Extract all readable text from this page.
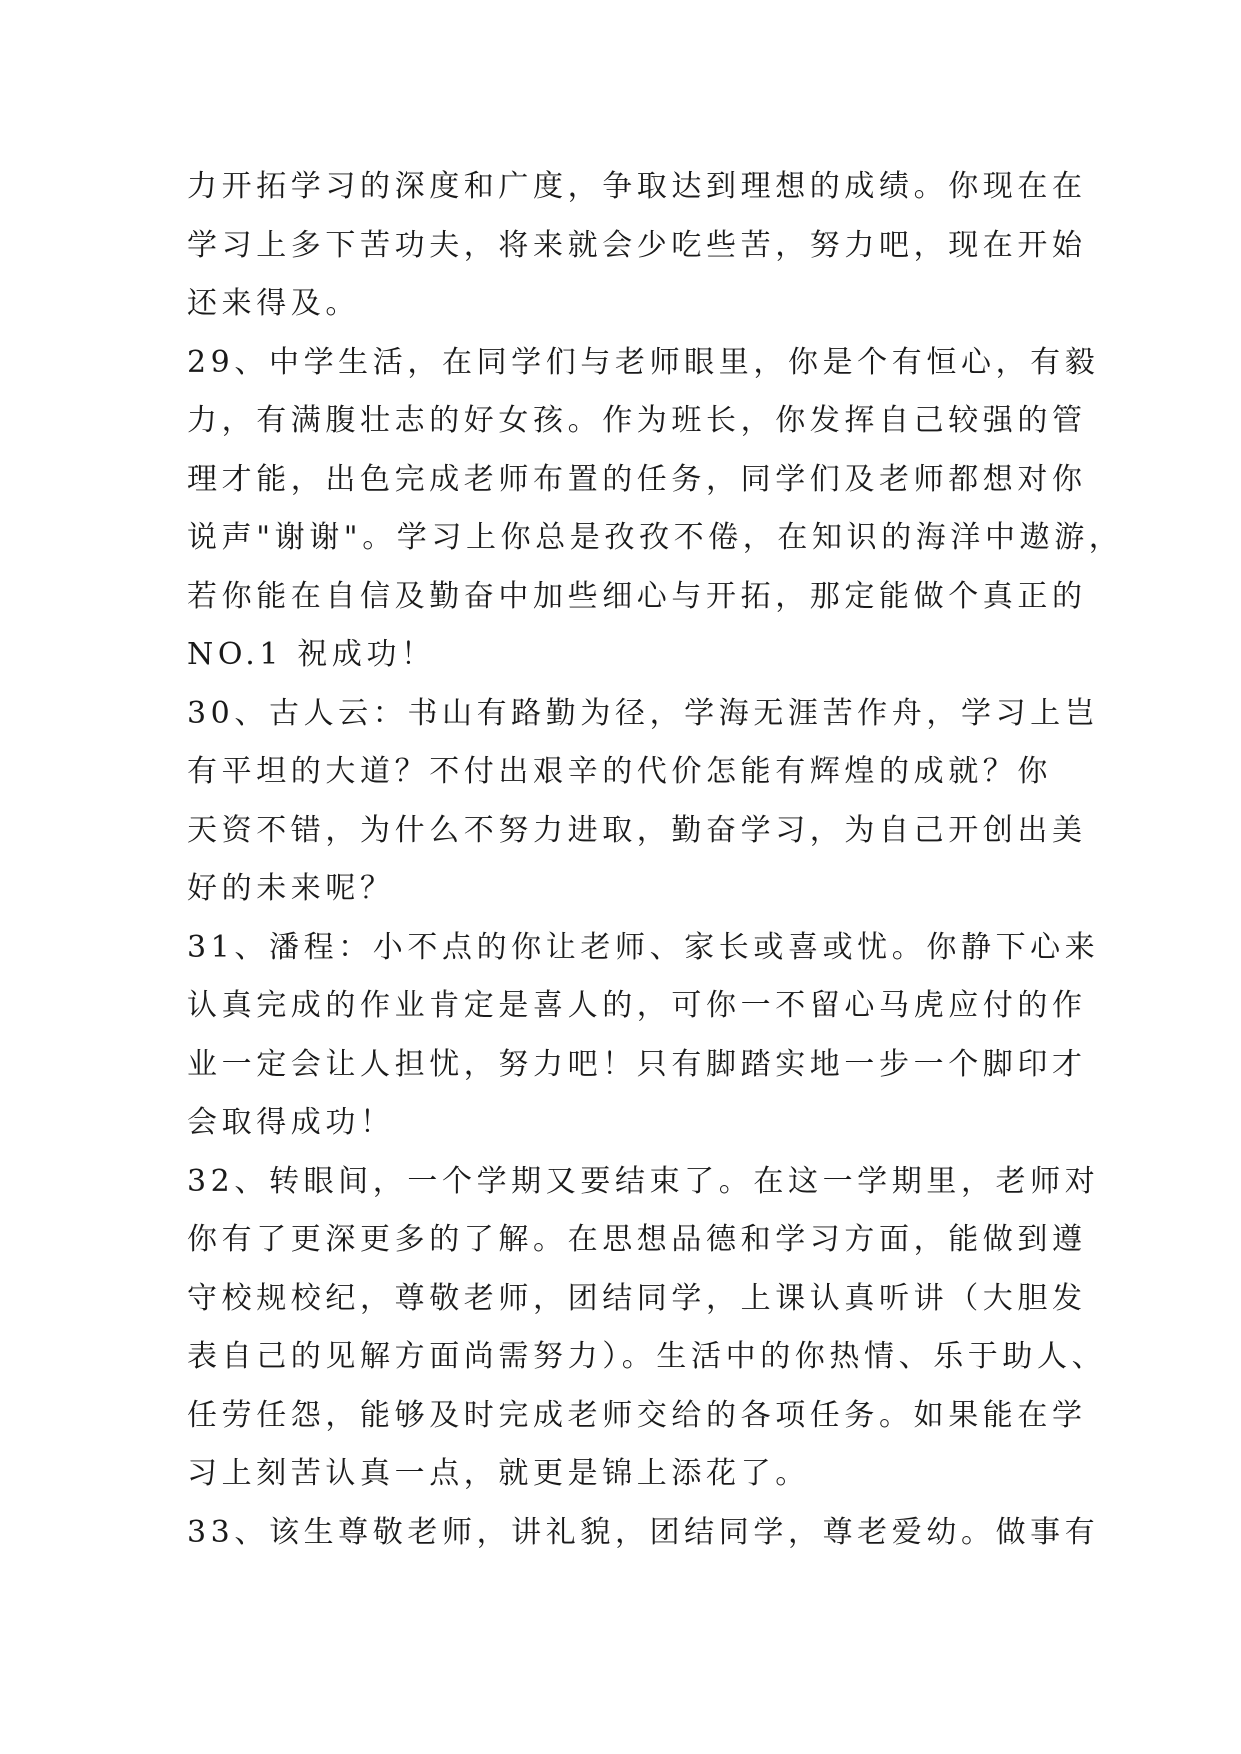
力开拓学习的深度和广度，争取达到理想的成绩。你现在在
学习上多下苦功夫，将来就会少吃些苦，努力吧，现在开始
还来得及。
29、中学生活，在同学们与老师眼里，你是个有恒心，有毅
力，有满腹壮志的好女孩。作为班长，你发挥自己较强的管
理才能，出色完成老师布置的任务，同学们及老师都想对你
说声"谢谢"。学习上你总是孜孜不倦，在知识的海洋中遨游，
若你能在自信及勤奋中加些细心与开拓，那定能做个真正的
NO.1 祝成功！
30、古人云：书山有路勤为径，学海无涯苦作舟，学习上岂
有平坦的大道？不付出艰辛的代价怎能有辉煌的成就？你
天资不错，为什么不努力进取，勤奋学习，为自己开创出美
好的未来呢？
31、潘程：小不点的你让老师、家长或喜或忧。你静下心来
认真完成的作业肯定是喜人的，可你一不留心马虎应付的作
业一定会让人担忧，努力吧！只有脚踏实地一步一个脚印才
会取得成功！
32、转眼间，一个学期又要结束了。在这一学期里，老师对
你有了更深更多的了解。在思想品德和学习方面，能做到遵
守校规校纪，尊敬老师，团结同学，上课认真听讲（大胆发
表自己的见解方面尚需努力）。生活中的你热情、乐于助人、
任劳任怨，能够及时完成老师交给的各项任务。如果能在学
习上刻苦认真一点，就更是锦上添花了。
33、该生尊敬老师，讲礼貌，团结同学，尊老爱幼。做事有
